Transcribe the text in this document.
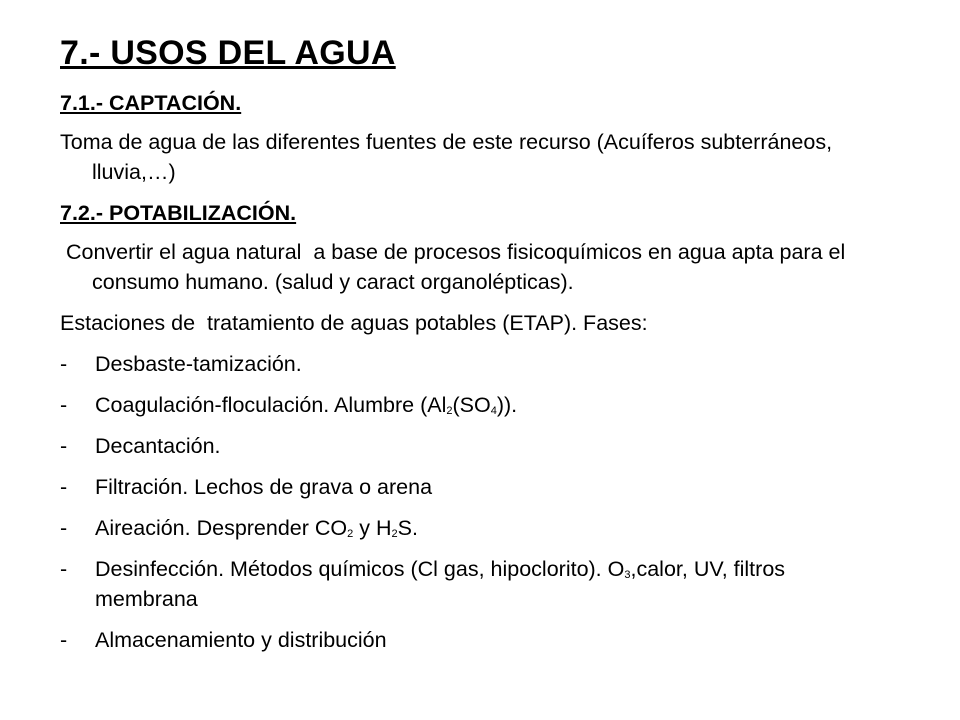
7.- USOS DEL AGUA
7.1.- CAPTACIÓN.
Toma de agua de las diferentes fuentes de este recurso (Acuíferos subterráneos, lluvia,…)
7.2.- POTABILIZACIÓN.
Convertir el agua natural  a base de procesos fisicoquímicos en agua apta para el consumo humano. (salud y caract organolépticas).
Estaciones de  tratamiento de aguas potables (ETAP). Fases:
- Desbaste-tamización.
- Coagulación-floculación. Alumbre $(Al_2(SO_4))$.
- Decantación.
- Filtración. Lechos de grava o arena
- Aireación. Desprender $CO_2$ y $H_2S$.
- Desinfección. Métodos químicos (Cl gas, hipoclorito). $O_3,calor$, UV, filtros membrana
- Almacenamiento y distribución
